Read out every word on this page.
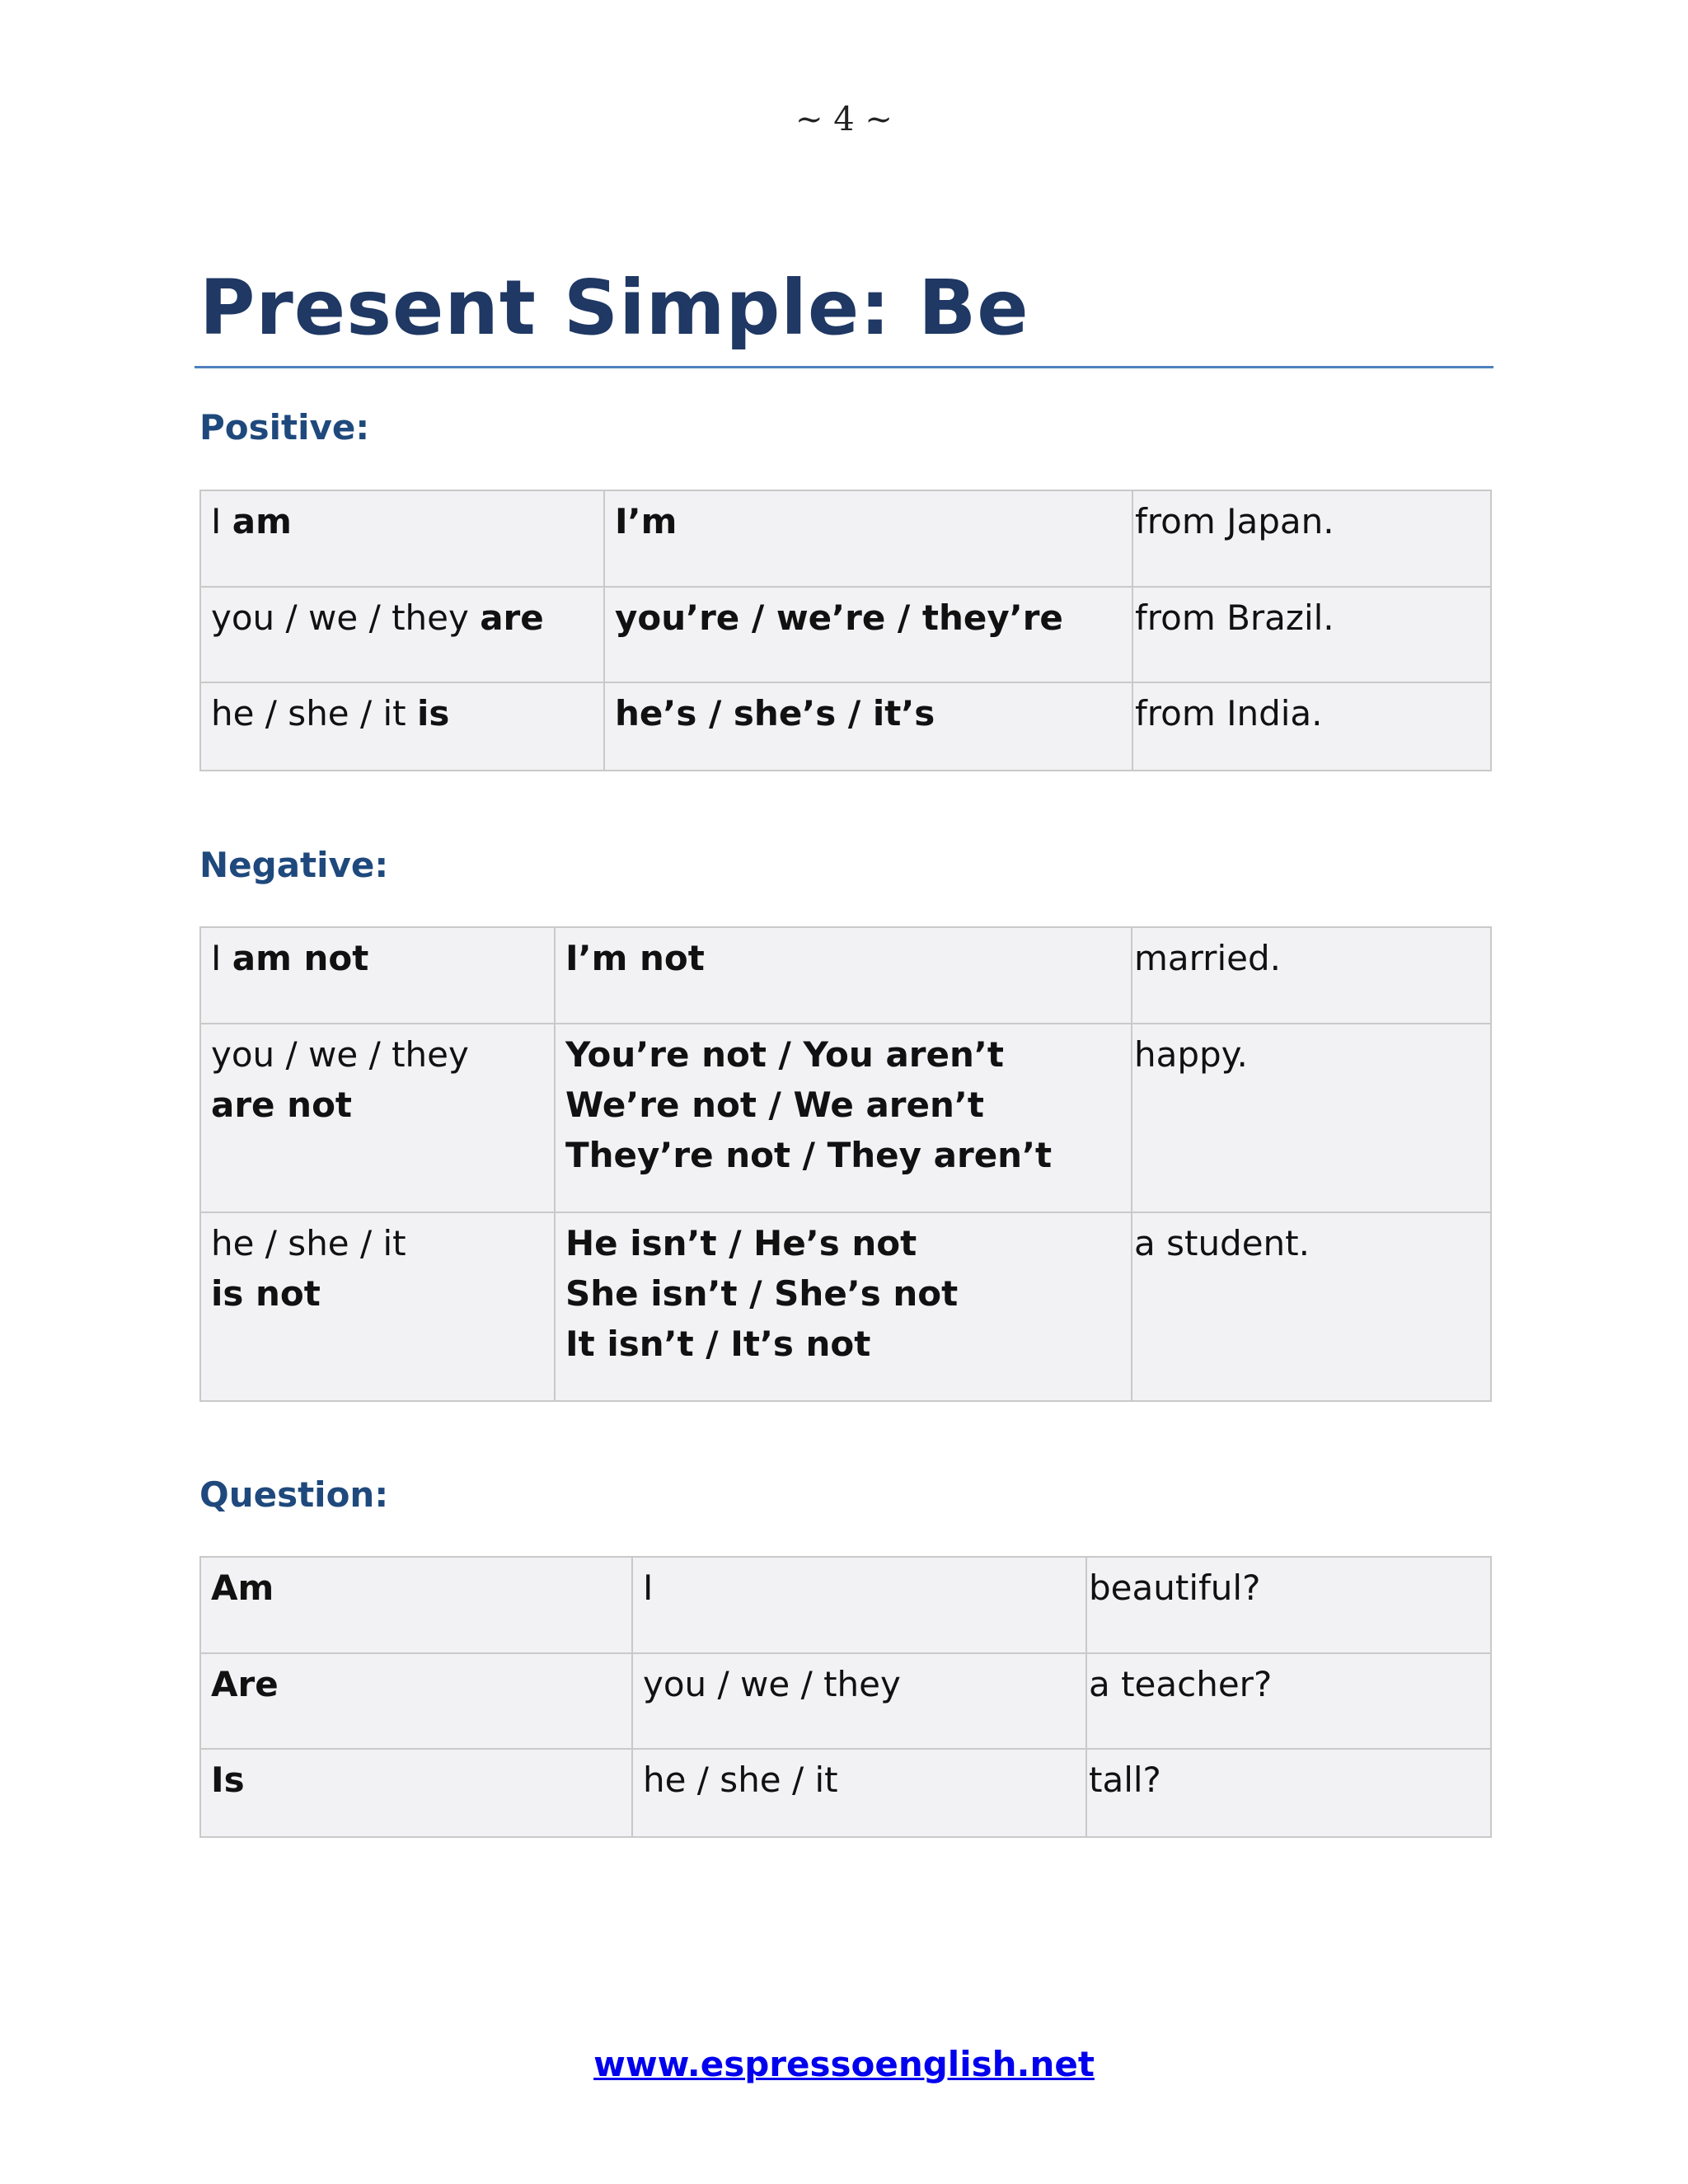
~ 4 ~
Present Simple: Be
Positive:
I am	I’m	from Japan.
you / we / they are	you’re / we’re / they’re	from Brazil.
he / she / it is	he’s / she’s / it’s	from India.
Negative:
I am not	I’m not	married.

you / we / they
are not	You’re not / You aren’t
We’re not / We aren’t
They’re not / They aren’t	happy.

he / she / it
is not	He isn’t / He’s not
She isn’t / She’s not
It isn’t / It’s not	a student.
Question:
Am	I	beautiful?
Are	you / we / they	a teacher?
Is	he / she / it	tall?
www.espressoenglish.net
